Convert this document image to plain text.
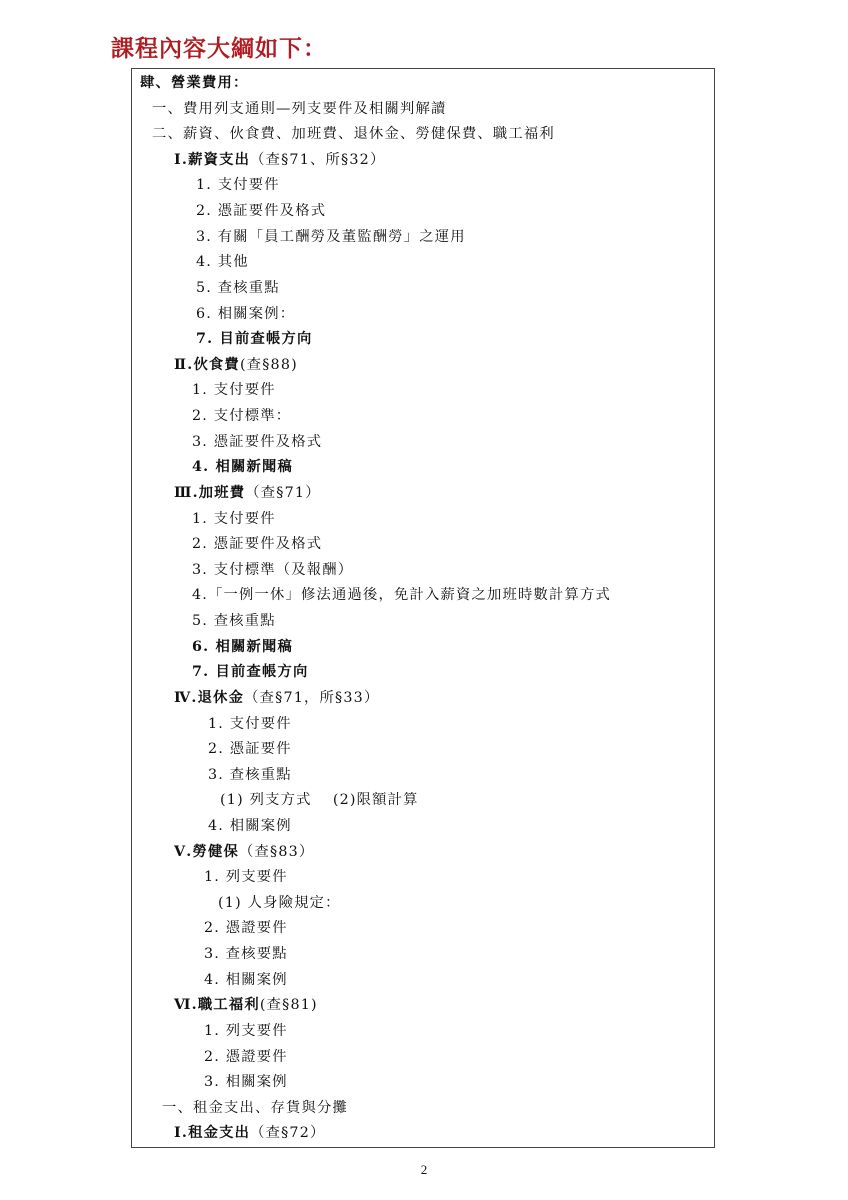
課程內容大綱如下：
肆、營業費用：
一、費用列支通則—列支要件及相關判解讀
二、薪資、伙食費、加班費、退休金、勞健保費、職工福利
Ⅰ.薪資支出（查§71、所§32）
1. 支付要件
2. 憑証要件及格式
3. 有關「員工酬勞及董監酬勞」之運用
4. 其他
5. 查核重點
6. 相關案例：
7. 目前查帳方向
Ⅱ.伙食費(查§88)
1. 支付要件
2. 支付標準：
3. 憑証要件及格式
4. 相關新聞稿
Ⅲ.加班費（查§71）
1. 支付要件
2. 憑証要件及格式
3. 支付標準（及報酬）
4.「一例一休」修法通過後，免計入薪資之加班時數計算方式
5. 查核重點
6. 相關新聞稿
7. 目前查帳方向
Ⅳ.退休金（查§71，所§33）
1. 支付要件
2. 憑証要件
3. 查核重點
(1) 列支方式　 (2)限額計算
4. 相關案例
Ⅴ.勞健保（查§83）
1. 列支要件
(1) 人身險規定：
2. 憑證要件
3. 查核要點
4. 相關案例
Ⅵ.職工福利(查§81)
1. 列支要件
2. 憑證要件
3. 相關案例
一、租金支出、存貨與分攤
Ⅰ.租金支出（查§72）
2
